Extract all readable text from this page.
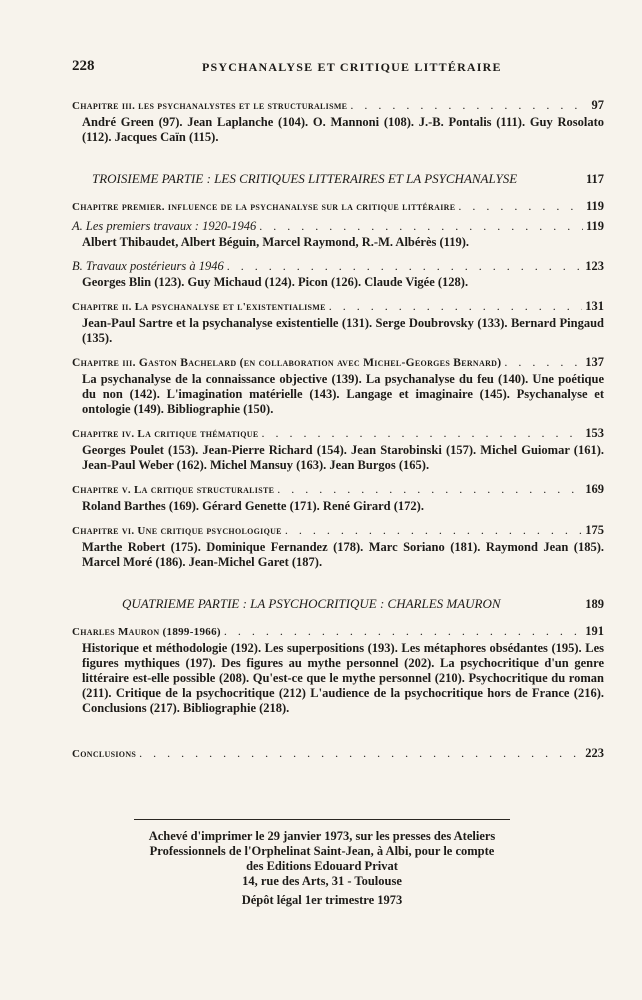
228	PSYCHANALYSE ET CRITIQUE LITTÉRAIRE
Chapitre iii. les psychanalystes et le structuralisme . . .	97
André Green (97). Jean Laplanche (104). O. Mannoni (108). J.-B. Pontalis (111). Guy Rosolato (112). Jacques Caïn (115).
TROISIEME PARTIE : LES CRITIQUES LITTERAIRES ET LA PSYCHANALYSE	117
Chapitre premier. influence de la psychanalyse sur la critique littéraire . . .	119
A. Les premiers travaux : 1920-1946 . . .	119
Albert Thibaudet, Albert Béguin, Marcel Raymond, R.-M. Albérès (119).
B. Travaux postérieurs à 1946 . . .	123
Georges Blin (123). Guy Michaud (124). Picon (126). Claude Vigée (128).
Chapitre ii. La psychanalyse et l'existentialisme . . .	131
Jean-Paul Sartre et la psychanalyse existentielle (131). Serge Doubrovsky (133). Bernard Pingaud (135).
Chapitre iii. Gaston Bachelard (en collaboration avec Michel-Georges Bernard) . . .	137
La psychanalyse de la connaissance objective (139). La psychanalyse du feu (140). Une poétique du non (142). L'imagination matérielle (143). Langage et imaginaire (145). Psychanalyse et ontologie (149). Bibliographie (150).
Chapitre iv. La critique thématique . . .	153
Georges Poulet (153). Jean-Pierre Richard (154). Jean Starobinski (157). Michel Guiomar (161). Jean-Paul Weber (162). Michel Mansuy (163). Jean Burgos (165).
Chapitre v. La critique structuraliste . . .	169
Roland Barthes (169). Gérard Genette (171). René Girard (172).
Chapitre vi. Une critique psychologique . . .	175
Marthe Robert (175). Dominique Fernandez (178). Marc Soriano (181). Raymond Jean (185). Marcel Moré (186). Jean-Michel Garet (187).
QUATRIEME PARTIE : LA PSYCHOCRITIQUE : CHARLES MAURON	189
Charles Mauron (1899-1966) . . .	191
Historique et méthodologie (192). Les superpositions (193). Les métaphores obsédantes (195). Les figures mythiques (197). Des figures au mythe personnel (202). La psychocritique d'un genre littéraire est-elle possible (208). Qu'est-ce que le mythe personnel (210). Psychocritique du roman (211). Critique de la psychocritique (212) L'audience de la psychocritique hors de France (216). Conclusions (217). Bibliographie (218).
Conclusions . . .	223

Achevé d'imprimer le 29 janvier 1973, sur les presses des Ateliers

Professionnels de l'Orphelinat Saint-Jean, à Albi, pour le compte

des Editions Edouard Privat

14, rue des Arts, 31 - Toulouse

Dépôt légal 1er trimestre 1973
